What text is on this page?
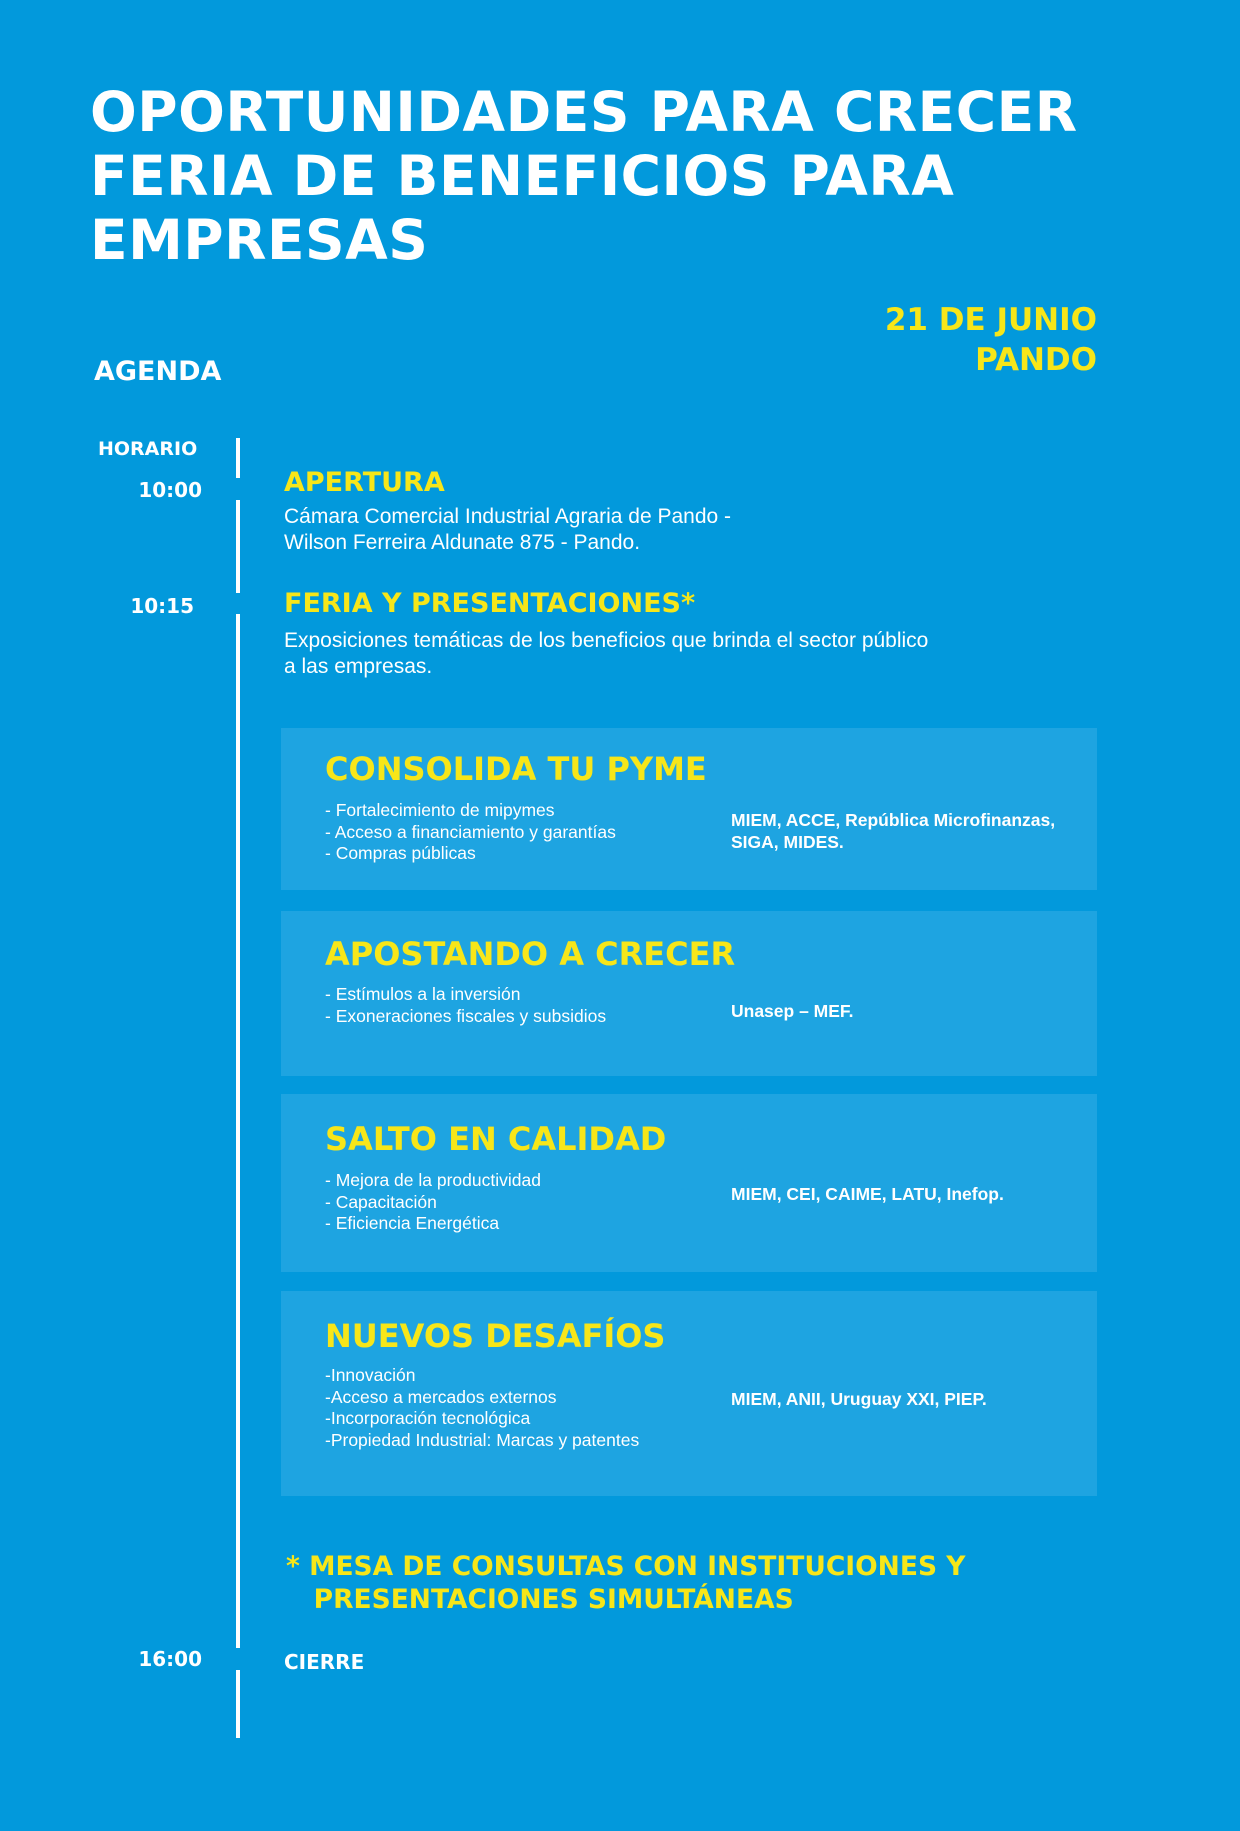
OPORTUNIDADES PARA CRECER
FERIA DE BENEFICIOS PARA
EMPRESAS
21 DE JUNIO
PANDO
AGENDA
HORARIO
10:00
10:15
16:00
APERTURA
Cámara Comercial Industrial Agraria de Pando -
Wilson Ferreira Aldunate 875 - Pando.
FERIA Y PRESENTACIONES*
Exposiciones temáticas de los beneficios que brinda el sector público
a las empresas.
CONSOLIDA TU PYME
- Fortalecimiento de mipymes
- Acceso a financiamiento y garantías
- Compras públicas
MIEM, ACCE, República Microfinanzas, SIGA, MIDES.
APOSTANDO A CRECER
- Estímulos a la inversión
- Exoneraciones fiscales y subsidios	Unasep – MEF.
SALTO EN CALIDAD
- Mejora de la productividad
- Capacitación
- Eficiencia Energética
MIEM, CEI, CAIME, LATU, Inefop.
NUEVOS DESAFÍOS
-Innovación
-Acceso a mercados externos
-Incorporación tecnológica
-Propiedad Industrial: Marcas y patentes
MIEM, ANII, Uruguay XXI, PIEP.
* MESA DE CONSULTAS CON INSTITUCIONES Y
PRESENTACIONES SIMULTÁNEAS
CIERRE
